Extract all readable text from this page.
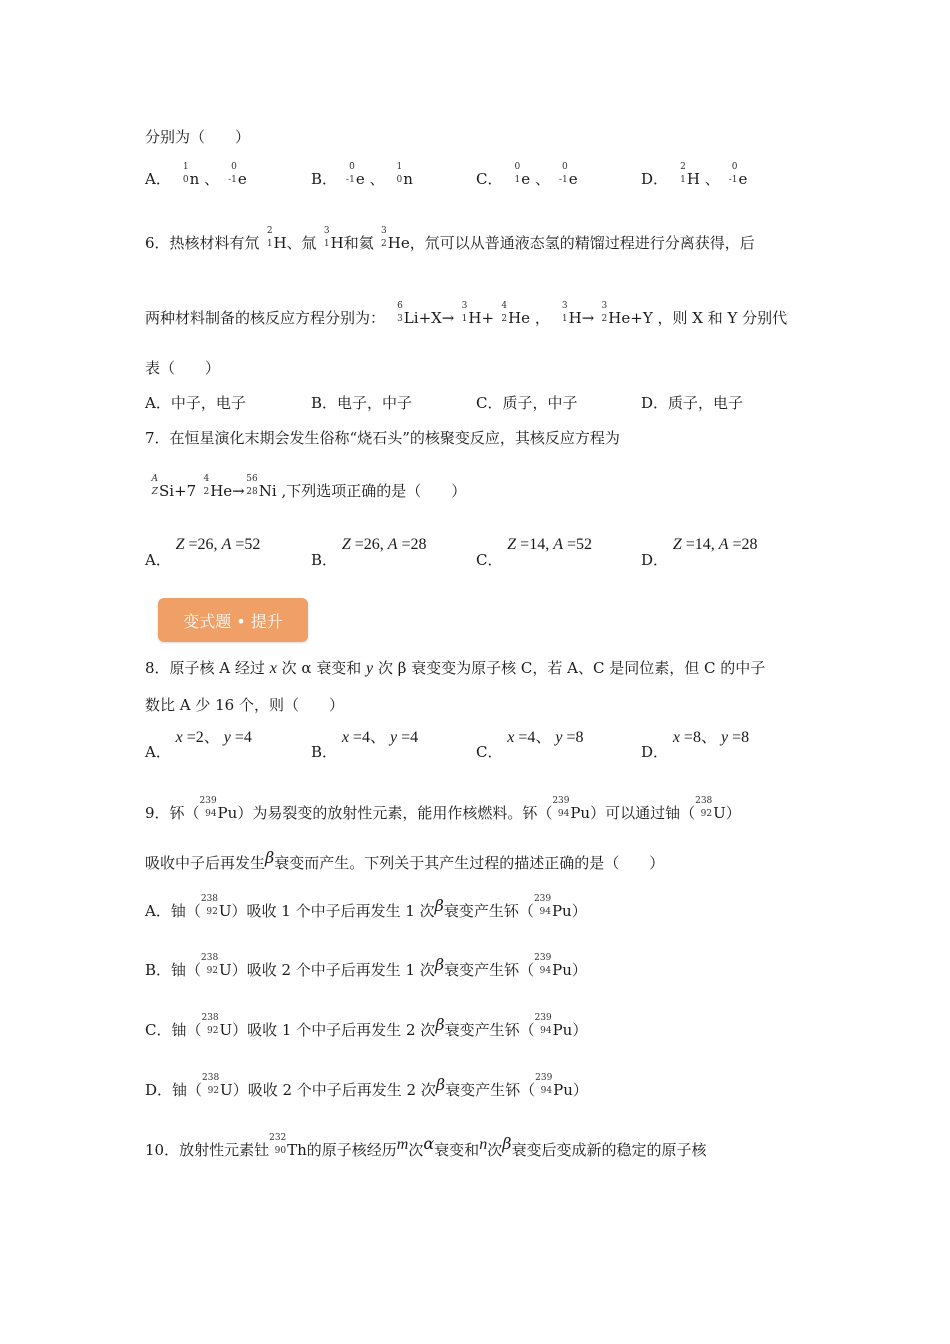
分别为（　　）
A．
1
0 n 、
0
-1 e	B．
0
-1 e 、
1
0 n	C．
0
1 e 、
0
-1 e	D．
2
1 H 、
0
-1 e
6．热核材料有氘
2
1 H、氚
3
1 H和氦
3
2 He，氘可以从普通液态氢的精馏过程进行分离获得，后
两种材料制备的核反应方程分别为：
6
3 Li+X→
3
1 H+
4
2 He ，
3
1 H→
3
2 He+Y ，则 X 和 Y 分别代
表（　　）
A．中子，电子	B．电子，中子	C．质子，中子	D．质子，电子
7．在恒星演化末期会发生俗称“烧石头”的核聚变反应，其核反应方程为
A
Z Si+7
4
2 He→
56
28 Ni ,下列选项正确的是（　　）
A． Z =26, A =52
B． Z =26, A =28
C． Z =14, A =52
D． Z =14, A =28
变式题 • 提升
8．原子核 A 经过 x 次 α 衰变和 y 次 β 衰变变为原子核 C，若 A、C 是同位素，但 C 的中子
数比 A 少 16 个，则（　　）
A． x =2、 y =4
B． x =4、 y =4
C． x =4、 y =8
D． x =8、 y =8
9．钚（
239
94 Pu）为易裂变的放射性元素，能用作核燃料。钚（
239
94 Pu）可以通过铀（
238
92 U）
吸收中子后再发生β衰变而产生。下列关于其产生过程的描述正确的是（　　）
A．铀（
238
92 U）吸收 1 个中子后再发生 1 次β衰变产生钚（
239
94 Pu）
B．铀（
238
92 U）吸收 2 个中子后再发生 1 次β衰变产生钚（
239
94 Pu）
C．铀（
238
92 U）吸收 1 个中子后再发生 2 次β衰变产生钚（
239
94 Pu）
D．铀（
238
92 U）吸收 2 个中子后再发生 2 次β衰变产生钚（
239
94 Pu）
10．放射性元素钍
232
90 Th的原子核经历m次α衰变和n次β衰变后变成新的稳定的原子核
